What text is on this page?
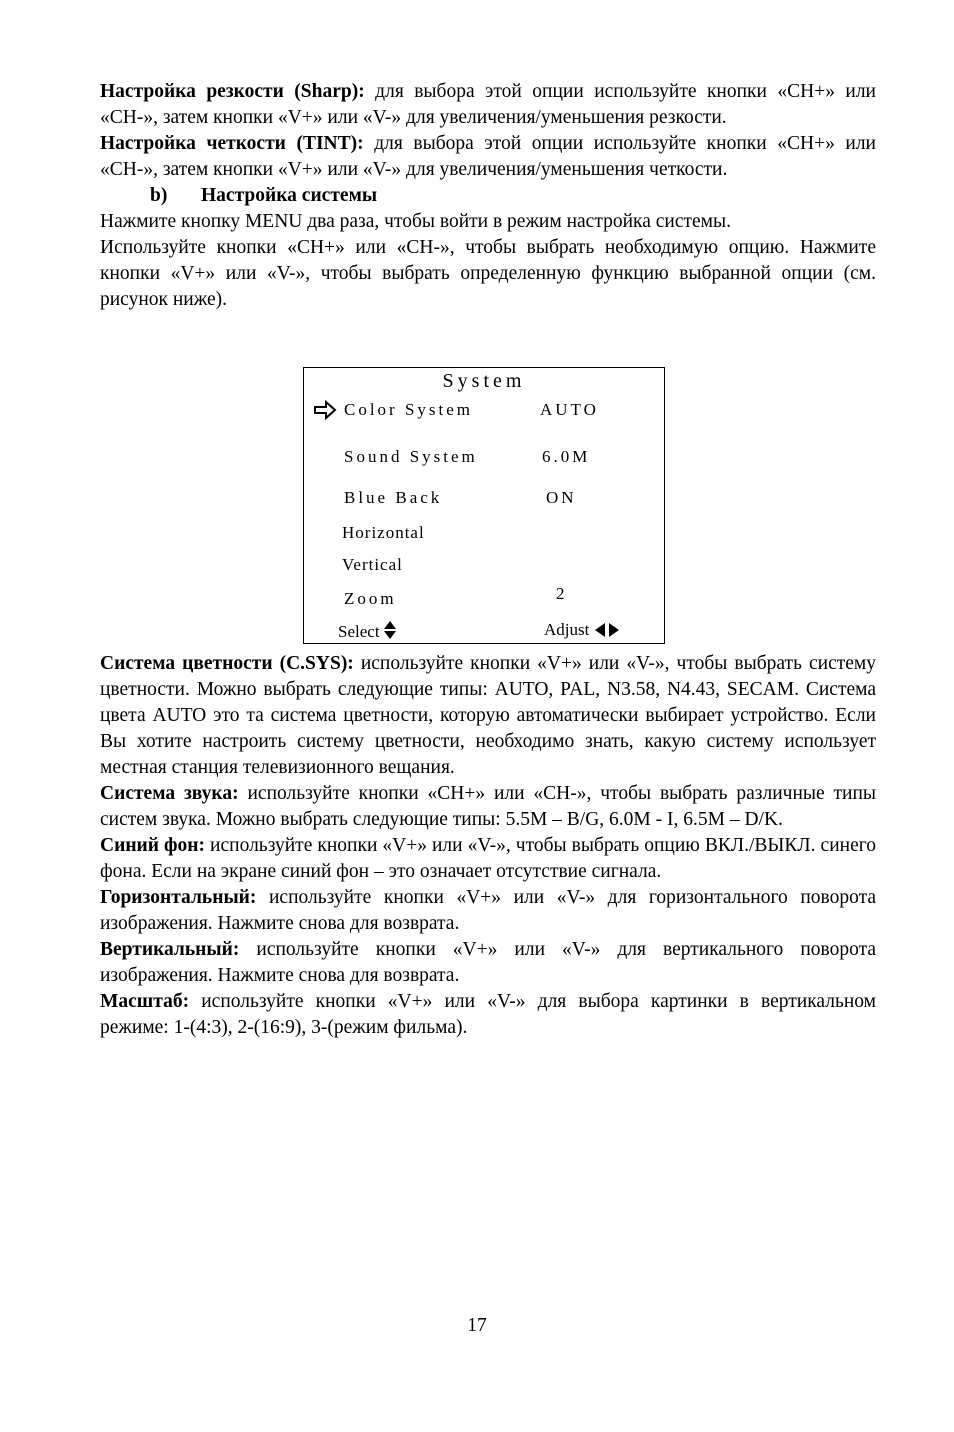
Настройка резкости (Sharp): для выбора этой опции используйте кнопки «CH+» или «CH-», затем кнопки «V+» или «V-» для увеличения/уменьшения резкости.

Настройка четкости (TINT): для выбора этой опции используйте кнопки «CH+» или «CH-», затем кнопки «V+» или «V-» для увеличения/уменьшения четкости.

b) Настройка системы

Нажмите кнопку MENU два раза, чтобы войти в режим настройка системы.

Используйте кнопки «CH+» или «CH-», чтобы выбрать необходимую опцию. Нажмите кнопки «V+» или «V-», чтобы выбрать определенную функцию выбранной опции (см. рисунок ниже).

System
Color System	AUTO
Sound System	6.0M
Blue Back	ON
Horizontal
Vertical
Zoom	2
Select	Adjust

Система цветности (C.SYS): используйте кнопки «V+» или «V-», чтобы выбрать систему цветности. Можно выбрать следующие типы: AUTO, PAL, N3.58, N4.43, SECAM. Система цвета AUTO это та система цветности, которую автоматически выбирает устройство. Если Вы хотите настроить систему цветности, необходимо знать, какую систему использует местная станция телевизионного вещания.

Система звука: используйте кнопки «CH+» или «CH-», чтобы выбрать различные типы систем звука. Можно выбрать следующие типы: 5.5M – B/G, 6.0M - I, 6.5M – D/K.

Синий фон: используйте кнопки «V+» или «V-», чтобы выбрать опцию ВКЛ./ВЫКЛ. синего фона. Если на экране синий фон – это означает отсутствие сигнала.

Горизонтальный: используйте кнопки «V+» или «V-» для горизонтального поворота изображения. Нажмите снова для возврата.

Вертикальный: используйте кнопки «V+» или «V-» для вертикального поворота изображения. Нажмите снова для возврата.

Масштаб: используйте кнопки «V+» или «V-» для выбора картинки в вертикальном режиме: 1-(4:3), 2-(16:9), 3-(режим фильма).

17
